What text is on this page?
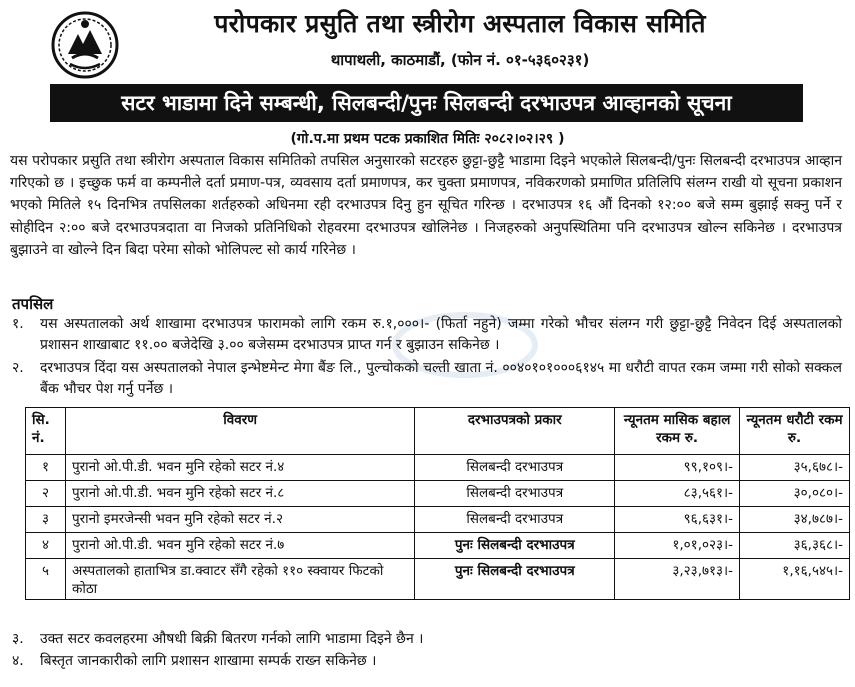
परोपकार प्रसुति तथा स्त्रीरोग अस्पताल विकास समिति
थापाथली, काठमाडौं, (फोन नं. ०१-५३६०२३१)
सटर भाडामा दिने सम्बन्धी, सिलबन्दी/पुनः सिलबन्दी दरभाउपत्र आव्हानको सूचना
(गो.प.मा प्रथम पटक प्रकाशित मितिः २०८२।०२।२९ )
यस परोपकार प्रसुति तथा स्त्रीरोग अस्पताल विकास समितिको तपसिल अनुसारको सटरहरु छुट्टा-छुट्टै भाडामा दिइने भएकोले सिलबन्दी/पुनः सिलबन्दी दरभाउपत्र आव्हान गरिएको छ । इच्छुक फर्म वा कम्पनीले दर्ता प्रमाण-पत्र, व्यवसाय दर्ता प्रमाणपत्र, कर चुक्ता प्रमाणपत्र, नविकरणको प्रमाणित प्रतिलिपि संलग्न राखी यो सूचना प्रकाशन भएको मितिले १५ दिनभित्र तपसिलका शर्तहरुको अधिनमा रही दरभाउपत्र दिनु हुन सूचित गरिन्छ । दरभाउपत्र १६ औं दिनको १२:०० बजे सम्म बुझाई सक्नु पर्ने र सोहीदिन २:०० बजे दरभाउपत्रदाता वा निजको प्रतिनिधिको रोहवरमा दरभाउपत्र खोलिनेछ । निजहरुको अनुपस्थितिमा पनि दरभाउपत्र खोल्न सकिनेछ । दरभाउपत्र बुझाउने वा खोल्ने दिन बिदा परेमा सोको भोलिपल्ट सो कार्य गरिनेछ ।
तपसिल
१.	यस अस्पतालको अर्थ शाखामा दरभाउपत्र फारामको लागि रकम रु.१,०००।- (फिर्ता नहुने) जम्मा गरेको भौचर संलग्न गरी छुट्टा-छुट्टै निवेदन दिई अस्पतालको प्रशासन शाखाबाट ११.०० बजेदेखि ३.०० बजेसम्म दरभाउपत्र प्राप्त गर्न र बुझाउन सकिनेछ ।
२.	दरभाउपत्र दिंदा यस अस्पतालको नेपाल इन्भेष्टमेन्ट मेगा बैंङ लि., पुल्चोकको चल्ती खाता नं. ००४०१०१०००६१४५ मा धरौटी वापत रकम जम्मा गरी सोको सक्कल बैंक भौचर पेश गर्नु पर्नेछ ।
सि. नं.	विवरण	दरभाउपत्रको प्रकार	न्यूनतम मासिक बहाल रकम रु.	न्यूनतम धरौटी रकम रु.
१	पुरानो ओ.पी.डी. भवन मुनि रहेको सटर नं.४	सिलबन्दी दरभाउपत्र	९९,१०९।-	३५,६७८।-
२	पुरानो ओ.पी.डी. भवन मुनि रहेको सटर नं.८	सिलबन्दी दरभाउपत्र	८३,५६१।-	३०,०८०।-
३	पुरानो इमरजेन्सी भवन मुनि रहेको सटर नं.२	सिलबन्दी दरभाउपत्र	९६,६३१।-	३४,७८७।-
४	पुरानो ओ.पी.डी. भवन मुनि रहेको सटर नं.७	पुनः सिलबन्दी दरभाउपत्र	१,०१,०२३।-	३६,३६८।-
५	अस्पतालको हाताभित्र डा.क्वाटर सँगै रहेको ११० स्क्वायर फिटको कोठा	पुनः सिलबन्दी दरभाउपत्र	३,२३,७१३।-	१,१६,५४५।-
३.	उक्त सटर कवलहरमा औषधी बिक्री बितरण गर्नको लागि भाडामा दिइने छैन ।
४.	बिस्तृत जानकारीको लागि प्रशासन शाखामा सम्पर्क राख्न सकिनेछ ।
